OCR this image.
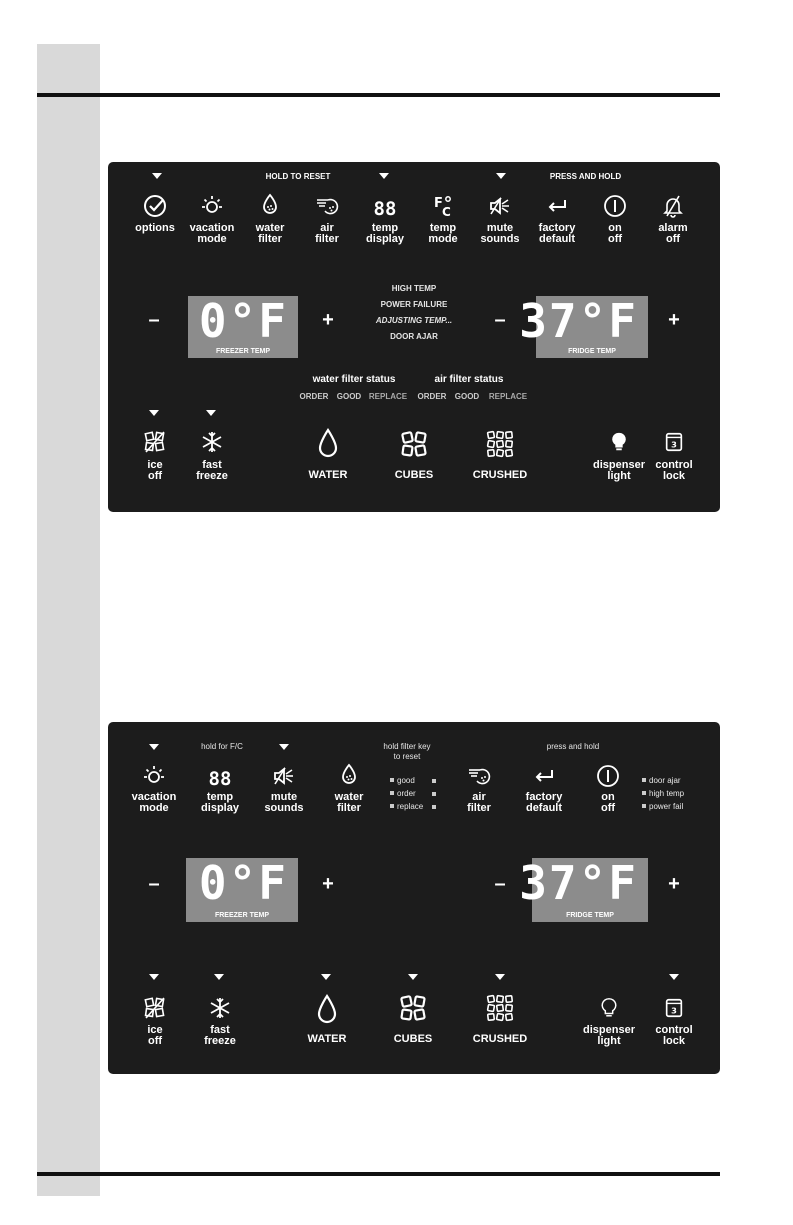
HOLD TO RESET	PRESS AND HOLD
options	vacation
mode
water
filter
air
filter
temp
display
temp
mode
mute
sounds
factory
default
on
off
alarm
off
– 0°F
FREEZER TEMP
+
HIGH TEMP
POWER FAILURE
ADJUSTING TEMP...
DOOR AJAR
– 37°F
FRIDGE TEMP
+
water filter status	air filter status
ORDER	GOOD REPLACE	ORDER	GOOD	REPLACE
ice
off
fast
freeze	WATER	CUBES	CRUSHED
dispenser
light
control
lock
hold for F/C	hold filter key
to reset
press and hold
vacation
mode
temp
display
mute
sounds
water
filter
good
order
replace
air
filter
factory
default
on
off
door ajar
high temp
power fail
– 0°F
FREEZER TEMP
+	– 37°F
FRIDGE TEMP
+
ice
off
fast
freeze	WATER	CUBES	CRUSHED
dispenser
light
control
lock
